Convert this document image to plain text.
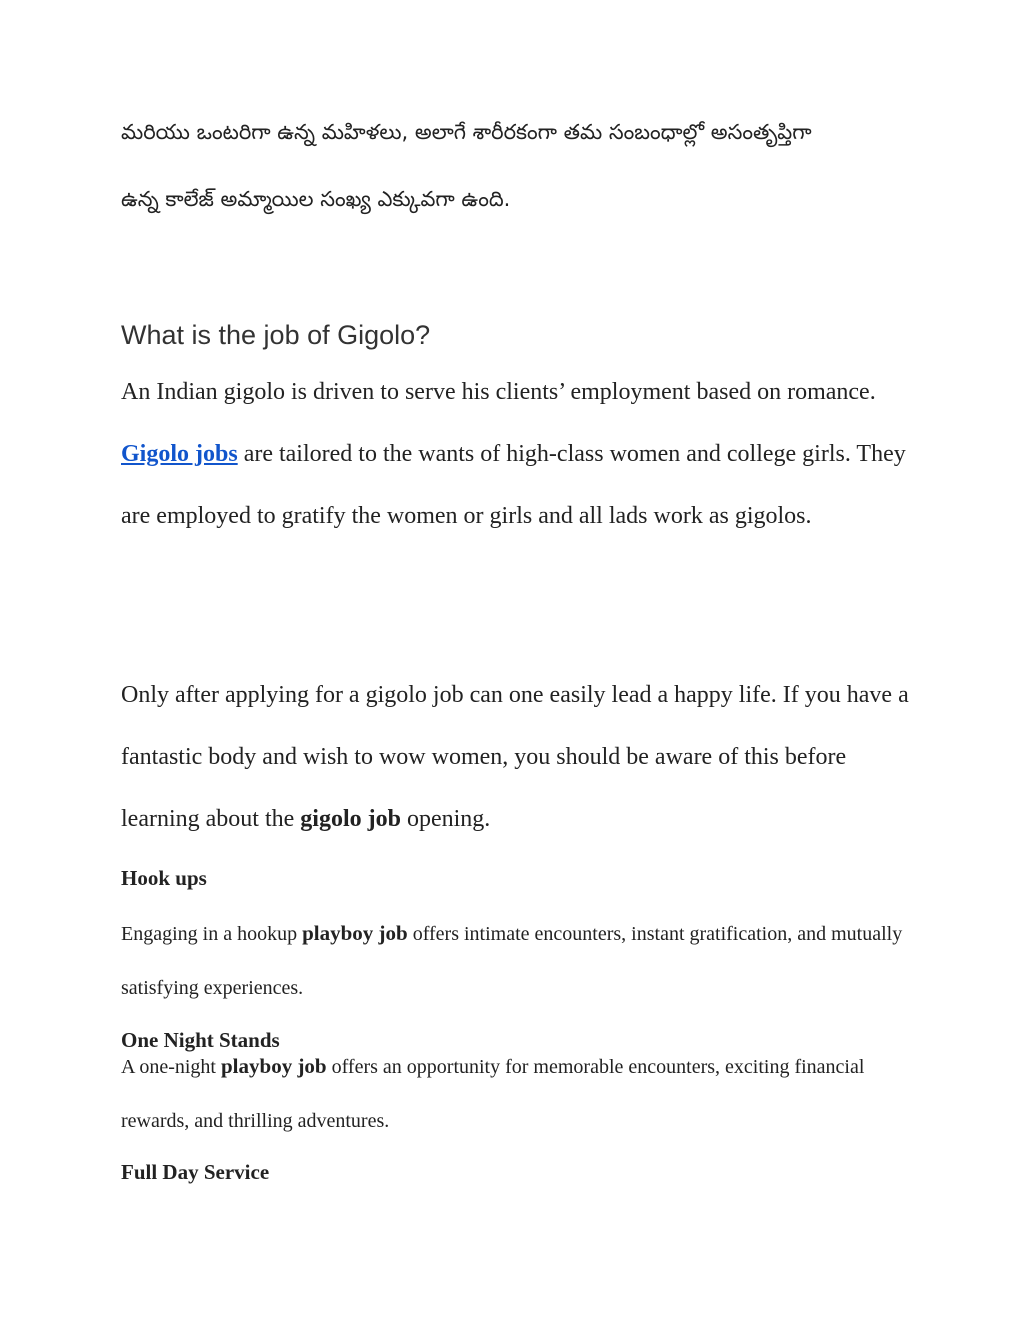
మరియు ఒంటరిగా ఉన్న మహిళలు, అలాగే శారీరకంగా తమ సంబంధాల్లో అసంతృప్తిగా
ఉన్న కాలేజ్ అమ్మాయిల సంఖ్య ఎక్కువగా ఉంది.
What is the job of Gigolo?

An Indian gigolo is driven to serve his clients’ employment based on romance. Gigolo jobs are tailored to the wants of high-class women and college girls. They are employed to gratify the women or girls and all lads work as gigolos.

Only after applying for a gigolo job can one easily lead a happy life. If you have a fantastic body and wish to wow women, you should be aware of this before learning about the gigolo job opening.

Hook ups

Engaging in a hookup playboy job offers intimate encounters, instant gratification, and mutually satisfying experiences.

One Night Stands

A one-night playboy job offers an opportunity for memorable encounters, exciting financial rewards, and thrilling adventures.

Full Day Service
